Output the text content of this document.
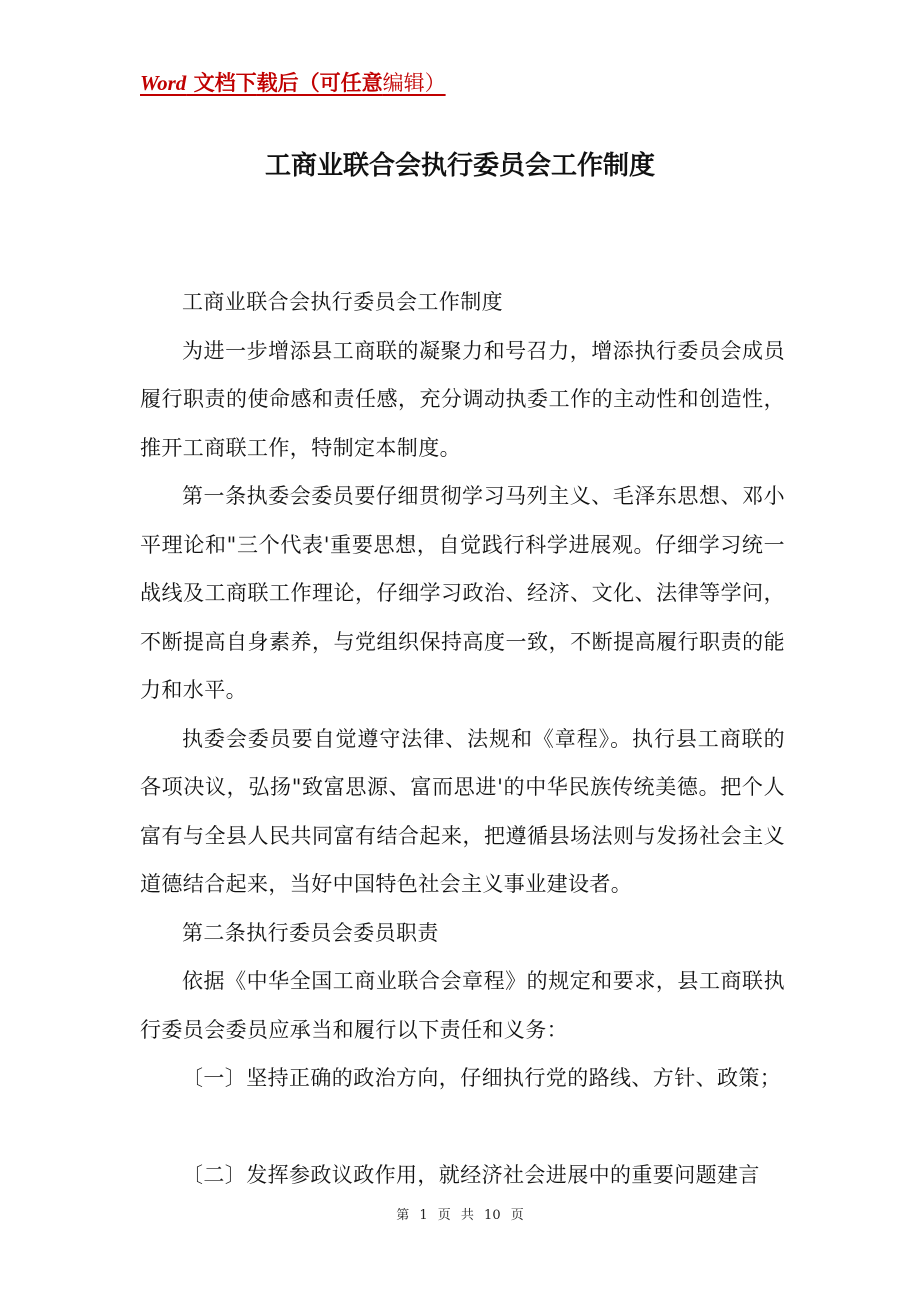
Word 文档下载后（可任意编辑）
工商业联合会执行委员会工作制度

工商业联合会执行委员会工作制度

为进一步增添县工商联的凝聚力和号召力，增添执行委员会成员履行职责的使命感和责任感，充分调动执委工作的主动性和创造性，推开工商联工作，特制定本制度。

第一条执委会委员要仔细贯彻学习马列主义、毛泽东思想、邓小平理论和"三个代表'重要思想，自觉践行科学进展观。仔细学习统一战线及工商联工作理论，仔细学习政治、经济、文化、法律等学问，不断提高自身素养，与党组织保持高度一致，不断提高履行职责的能力和水平。

执委会委员要自觉遵守法律、法规和《章程》。执行县工商联的各项决议，弘扬"致富思源、富而思进'的中华民族传统美德。把个人富有与全县人民共同富有结合起来，把遵循县场法则与发扬社会主义道德结合起来，当好中国特色社会主义事业建设者。

第二条执行委员会委员职责

依据《中华全国工商业联合会章程》的规定和要求，县工商联执行委员会委员应承当和履行以下责任和义务：

〔一〕坚持正确的政治方向，仔细执行党的路线、方针、政策；

〔二〕发挥参政议政作用，就经济社会进展中的重要问题建言

第 1 页 共 10 页
